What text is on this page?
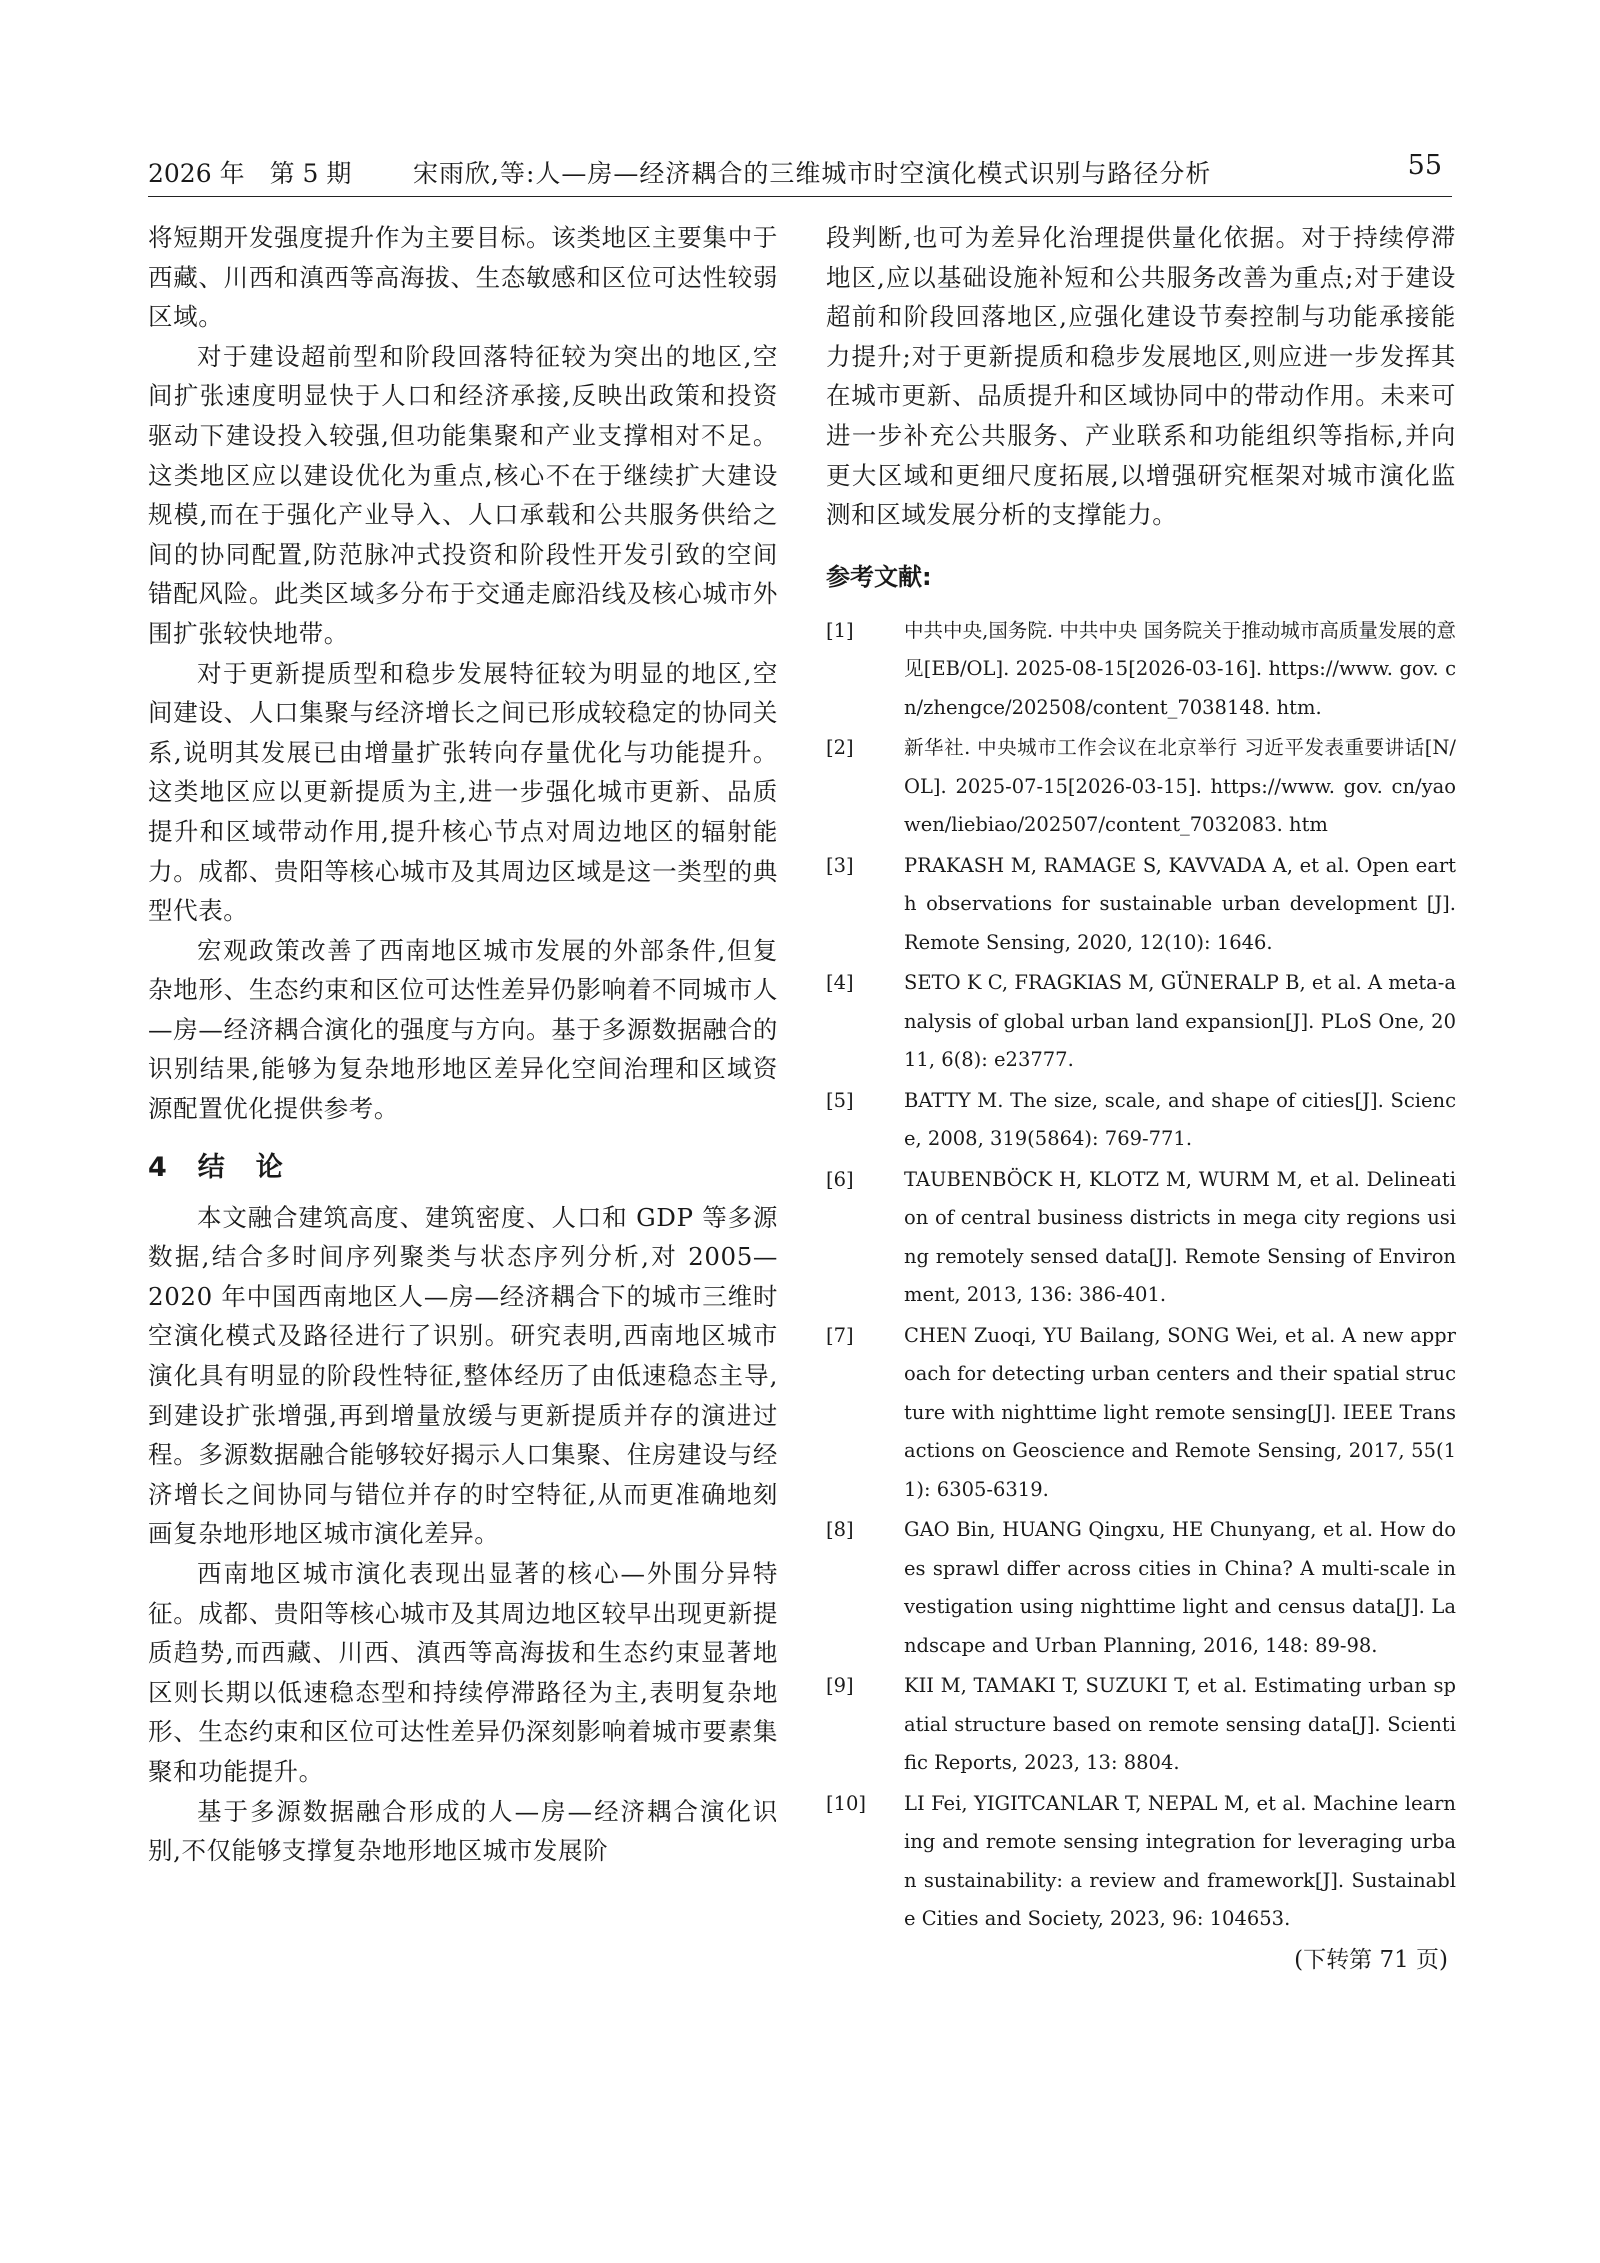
2026 年　第 5 期 宋雨欣,等:人—房—经济耦合的三维城市时空演化模式识别与路径分析	55

将短期开发强度提升作为主要目标。该类地区主要集中于西藏、川西和滇西等高海拔、生态敏感和区位可达性较弱区域。

对于建设超前型和阶段回落特征较为突出的地区,空间扩张速度明显快于人口和经济承接,反映出政策和投资驱动下建设投入较强,但功能集聚和产业支撑相对不足。这类地区应以建设优化为重点,核心不在于继续扩大建设规模,而在于强化产业导入、人口承载和公共服务供给之间的协同配置,防范脉冲式投资和阶段性开发引致的空间错配风险。此类区域多分布于交通走廊沿线及核心城市外围扩张较快地带。

对于更新提质型和稳步发展特征较为明显的地区,空间建设、人口集聚与经济增长之间已形成较稳定的协同关系,说明其发展已由增量扩张转向存量优化与功能提升。这类地区应以更新提质为主,进一步强化城市更新、品质提升和区域带动作用,提升核心节点对周边地区的辐射能力。成都、贵阳等核心城市及其周边区域是这一类型的典型代表。

宏观政策改善了西南地区城市发展的外部条件,但复杂地形、生态约束和区位可达性差异仍影响着不同城市人—房—经济耦合演化的强度与方向。基于多源数据融合的识别结果,能够为复杂地形地区差异化空间治理和区域资源配置优化提供参考。

4　结　论

本文融合建筑高度、建筑密度、人口和 GDP 等多源数据,结合多时间序列聚类与状态序列分析,对 2005—2020 年中国西南地区人—房—经济耦合下的城市三维时空演化模式及路径进行了识别。研究表明,西南地区城市演化具有明显的阶段性特征,整体经历了由低速稳态主导,到建设扩张增强,再到增量放缓与更新提质并存的演进过程。多源数据融合能够较好揭示人口集聚、住房建设与经济增长之间协同与错位并存的时空特征,从而更准确地刻画复杂地形地区城市演化差异。

西南地区城市演化表现出显著的核心—外围分异特征。成都、贵阳等核心城市及其周边地区较早出现更新提质趋势,而西藏、川西、滇西等高海拔和生态约束显著地区则长期以低速稳态型和持续停滞路径为主,表明复杂地形、生态约束和区位可达性差异仍深刻影响着城市要素集聚和功能提升。

基于多源数据融合形成的人—房—经济耦合演化识别,不仅能够支撑复杂地形地区城市发展阶

段判断,也可为差异化治理提供量化依据。对于持续停滞地区,应以基础设施补短和公共服务改善为重点;对于建设超前和阶段回落地区,应强化建设节奏控制与功能承接能力提升;对于更新提质和稳步发展地区,则应进一步发挥其在城市更新、品质提升和区域协同中的带动作用。未来可进一步补充公共服务、产业联系和功能组织等指标,并向更大区域和更细尺度拓展,以增强研究框架对城市演化监测和区域发展分析的支撑能力。

参考文献:
[1]	中共中央,国务院. 中共中央 国务院关于推动城市高质量发展的意见[EB/OL]. 2025-08-15[2026-03-16]. https://www. gov. cn/zhengce/202508/content_7038148. htm.
[2]	新华社. 中央城市工作会议在北京举行 习近平发表重要讲话[N/OL]. 2025-07-15[2026-03-15]. https://www. gov. cn/yaowen/liebiao/202507/content_7032083. htm
[3]	PRAKASH M, RAMAGE S, KAVVADA A, et al. Open earth observations for sustainable urban development [J]. Remote Sensing, 2020, 12(10): 1646.
[4]	SETO K C, FRAGKIAS M, GÜNERALP B, et al. A meta-analysis of global urban land expansion[J]. PLoS One, 2011, 6(8): e23777.
[5]	BATTY M. The size, scale, and shape of cities[J]. Science, 2008, 319(5864): 769-771.
[6]	TAUBENBÖCK H, KLOTZ M, WURM M, et al. Delineation of central business districts in mega city regions using remotely sensed data[J]. Remote Sensing of Environment, 2013, 136: 386-401.
[7]	CHEN Zuoqi, YU Bailang, SONG Wei, et al. A new approach for detecting urban centers and their spatial structure with nighttime light remote sensing[J]. IEEE Transactions on Geoscience and Remote Sensing, 2017, 55(11): 6305-6319.
[8]	GAO Bin, HUANG Qingxu, HE Chunyang, et al. How does sprawl differ across cities in China? A multi-scale investigation using nighttime light and census data[J]. Landscape and Urban Planning, 2016, 148: 89-98.
[9]	KII M, TAMAKI T, SUZUKI T, et al. Estimating urban spatial structure based on remote sensing data[J]. Scientific Reports, 2023, 13: 8804.
[10]	LI Fei, YIGITCANLAR T, NEPAL M, et al. Machine learning and remote sensing integration for leveraging urban sustainability: a review and framework[J]. Sustainable Cities and Society, 2023, 96: 104653.
(下转第 71 页)
